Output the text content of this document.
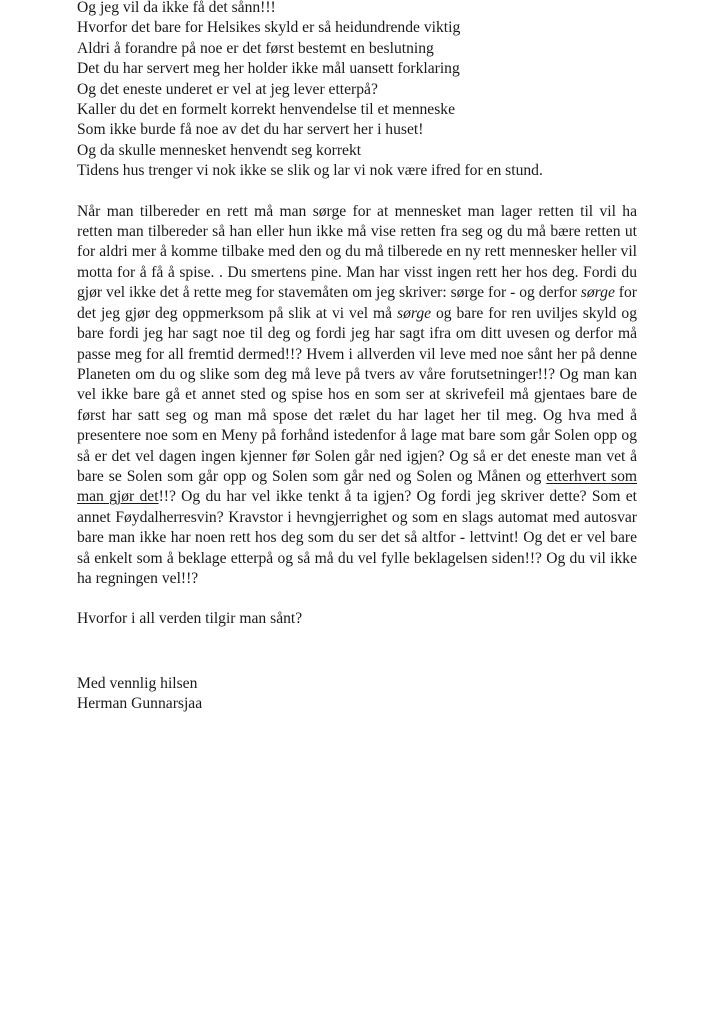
Og jeg vil da ikke få det sånn!!!
Hvorfor det bare for Helsikes skyld er så heidundrende viktig
Aldri å forandre på noe er det først bestemt en beslutning
Det du har servert meg her holder ikke mål uansett forklaring
Og det eneste underet er vel at jeg lever etterpå?
Kaller du det en formelt korrekt henvendelse til et menneske
Som ikke burde få noe av det du har servert her i huset!
Og da skulle mennesket henvendt seg korrekt
Tidens hus trenger vi nok ikke se slik og lar vi nok være ifred for en stund.

Når man tilbereder en rett må man sørge for at mennesket man lager retten til vil ha retten man tilbereder så han eller hun ikke må vise retten fra seg og du må bære retten ut for aldri mer å komme tilbake med den og du må tilberede en ny rett mennesker heller vil motta for å få å spise. . Du smertens pine. Man har visst ingen rett her hos deg. Fordi du gjør vel ikke det å rette meg for stavemåten om jeg skriver: sørge for - og derfor sørge for det jeg gjør deg oppmerksom på slik at vi vel må sørge og bare for ren uviljes skyld og bare fordi jeg har sagt noe til deg og fordi jeg har sagt ifra om ditt uvesen og derfor må passe meg for all fremtid dermed!!? Hvem i allverden vil leve med noe sånt her på denne Planeten om du og slike som deg må leve på tvers av våre forutsetninger!!? Og man kan vel ikke bare gå et annet sted og spise hos en som ser at skrivefeil må gjentaes bare de først har satt seg og man må spose det rælet du har laget her til meg. Og hva med å presentere noe som en Meny på forhånd istedenfor å lage mat bare som går Solen opp og så er det vel dagen ingen kjenner før Solen går ned igjen? Og så er det eneste man vet å bare se Solen som går opp og Solen som går ned og Solen og Månen og etterhvert som man gjør det!!? Og du har vel ikke tenkt å ta igjen? Og fordi jeg skriver dette? Som et annet Føydalherresvin? Kravstor i hevngjerrighet og som en slags automat med autosvar bare man ikke har noen rett hos deg som du ser det så altfor - lettvint! Og det er vel bare så enkelt som å beklage etterpå og så må du vel fylle beklagelsen siden!!? Og du vil ikke ha regningen vel!!?

Hvorfor i all verden tilgir man sånt?

Med vennlig hilsen
Herman Gunnarsjaa
